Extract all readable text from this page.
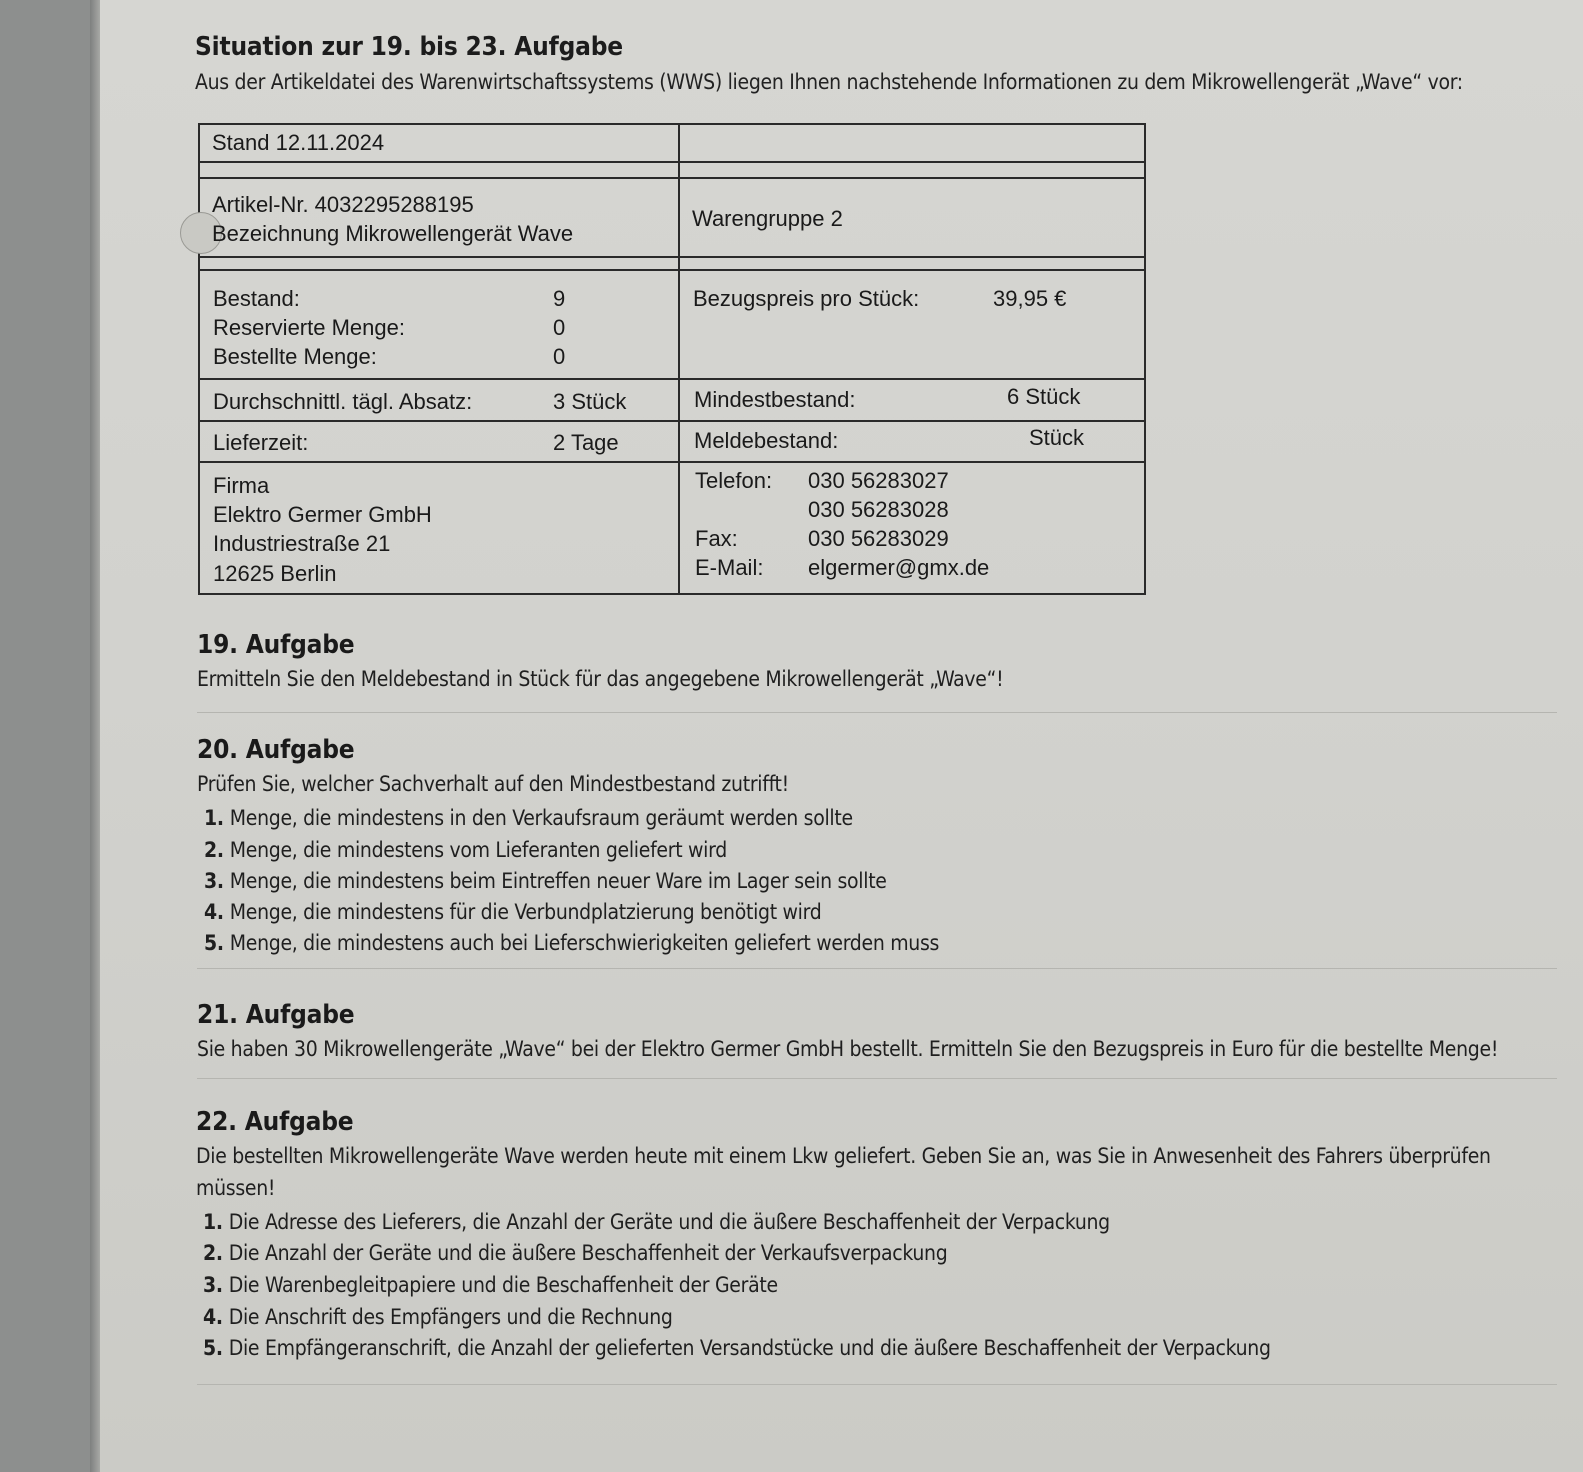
Situation zur 19. bis 23. Aufgabe
Aus der Artikeldatei des Warenwirtschaftssystems (WWS) liegen Ihnen nachstehende Informationen zu dem Mikrowellengerät „Wave“ vor:
Stand 12.11.2024
Artikel-Nr. 4032295288195
Bezeichnung Mikrowellengerät Wave
Warengruppe 2
Bestand:	9
Reservierte Menge:	0
Bestellte Menge:	0
Bezugspreis pro Stück:	39,95 €
Durchschnittl. tägl. Absatz:	3 Stück	Mindestbestand:	6 Stück
Lieferzeit:	2 Tage	Meldebestand:	Stück
Firma
Elektro Germer GmbH
Industriestraße 21
12625 Berlin
Telefon: 030 56283027
030 56283028
Fax:	030 56283029
E-Mail: elgermer@gmx.de
19. Aufgabe
Ermitteln Sie den Meldebestand in Stück für das angegebene Mikrowellengerät „Wave“!
20. Aufgabe
Prüfen Sie, welcher Sachverhalt auf den Mindestbestand zutrifft!
1. Menge, die mindestens in den Verkaufsraum geräumt werden sollte
2. Menge, die mindestens vom Lieferanten geliefert wird
3. Menge, die mindestens beim Eintreffen neuer Ware im Lager sein sollte
4. Menge, die mindestens für die Verbundplatzierung benötigt wird
5. Menge, die mindestens auch bei Lieferschwierigkeiten geliefert werden muss
21. Aufgabe
Sie haben 30 Mikrowellengeräte „Wave“ bei der Elektro Germer GmbH bestellt. Ermitteln Sie den Bezugspreis in Euro für die bestellte Menge!
22. Aufgabe
Die bestellten Mikrowellengeräte Wave werden heute mit einem Lkw geliefert. Geben Sie an, was Sie in Anwesenheit des Fahrers überprüfen
müssen!
1. Die Adresse des Lieferers, die Anzahl der Geräte und die äußere Beschaffenheit der Verpackung
2. Die Anzahl der Geräte und die äußere Beschaffenheit der Verkaufsverpackung
3. Die Warenbegleitpapiere und die Beschaffenheit der Geräte
4. Die Anschrift des Empfängers und die Rechnung
5. Die Empfängeranschrift, die Anzahl der gelieferten Versandstücke und die äußere Beschaffenheit der Verpackung
